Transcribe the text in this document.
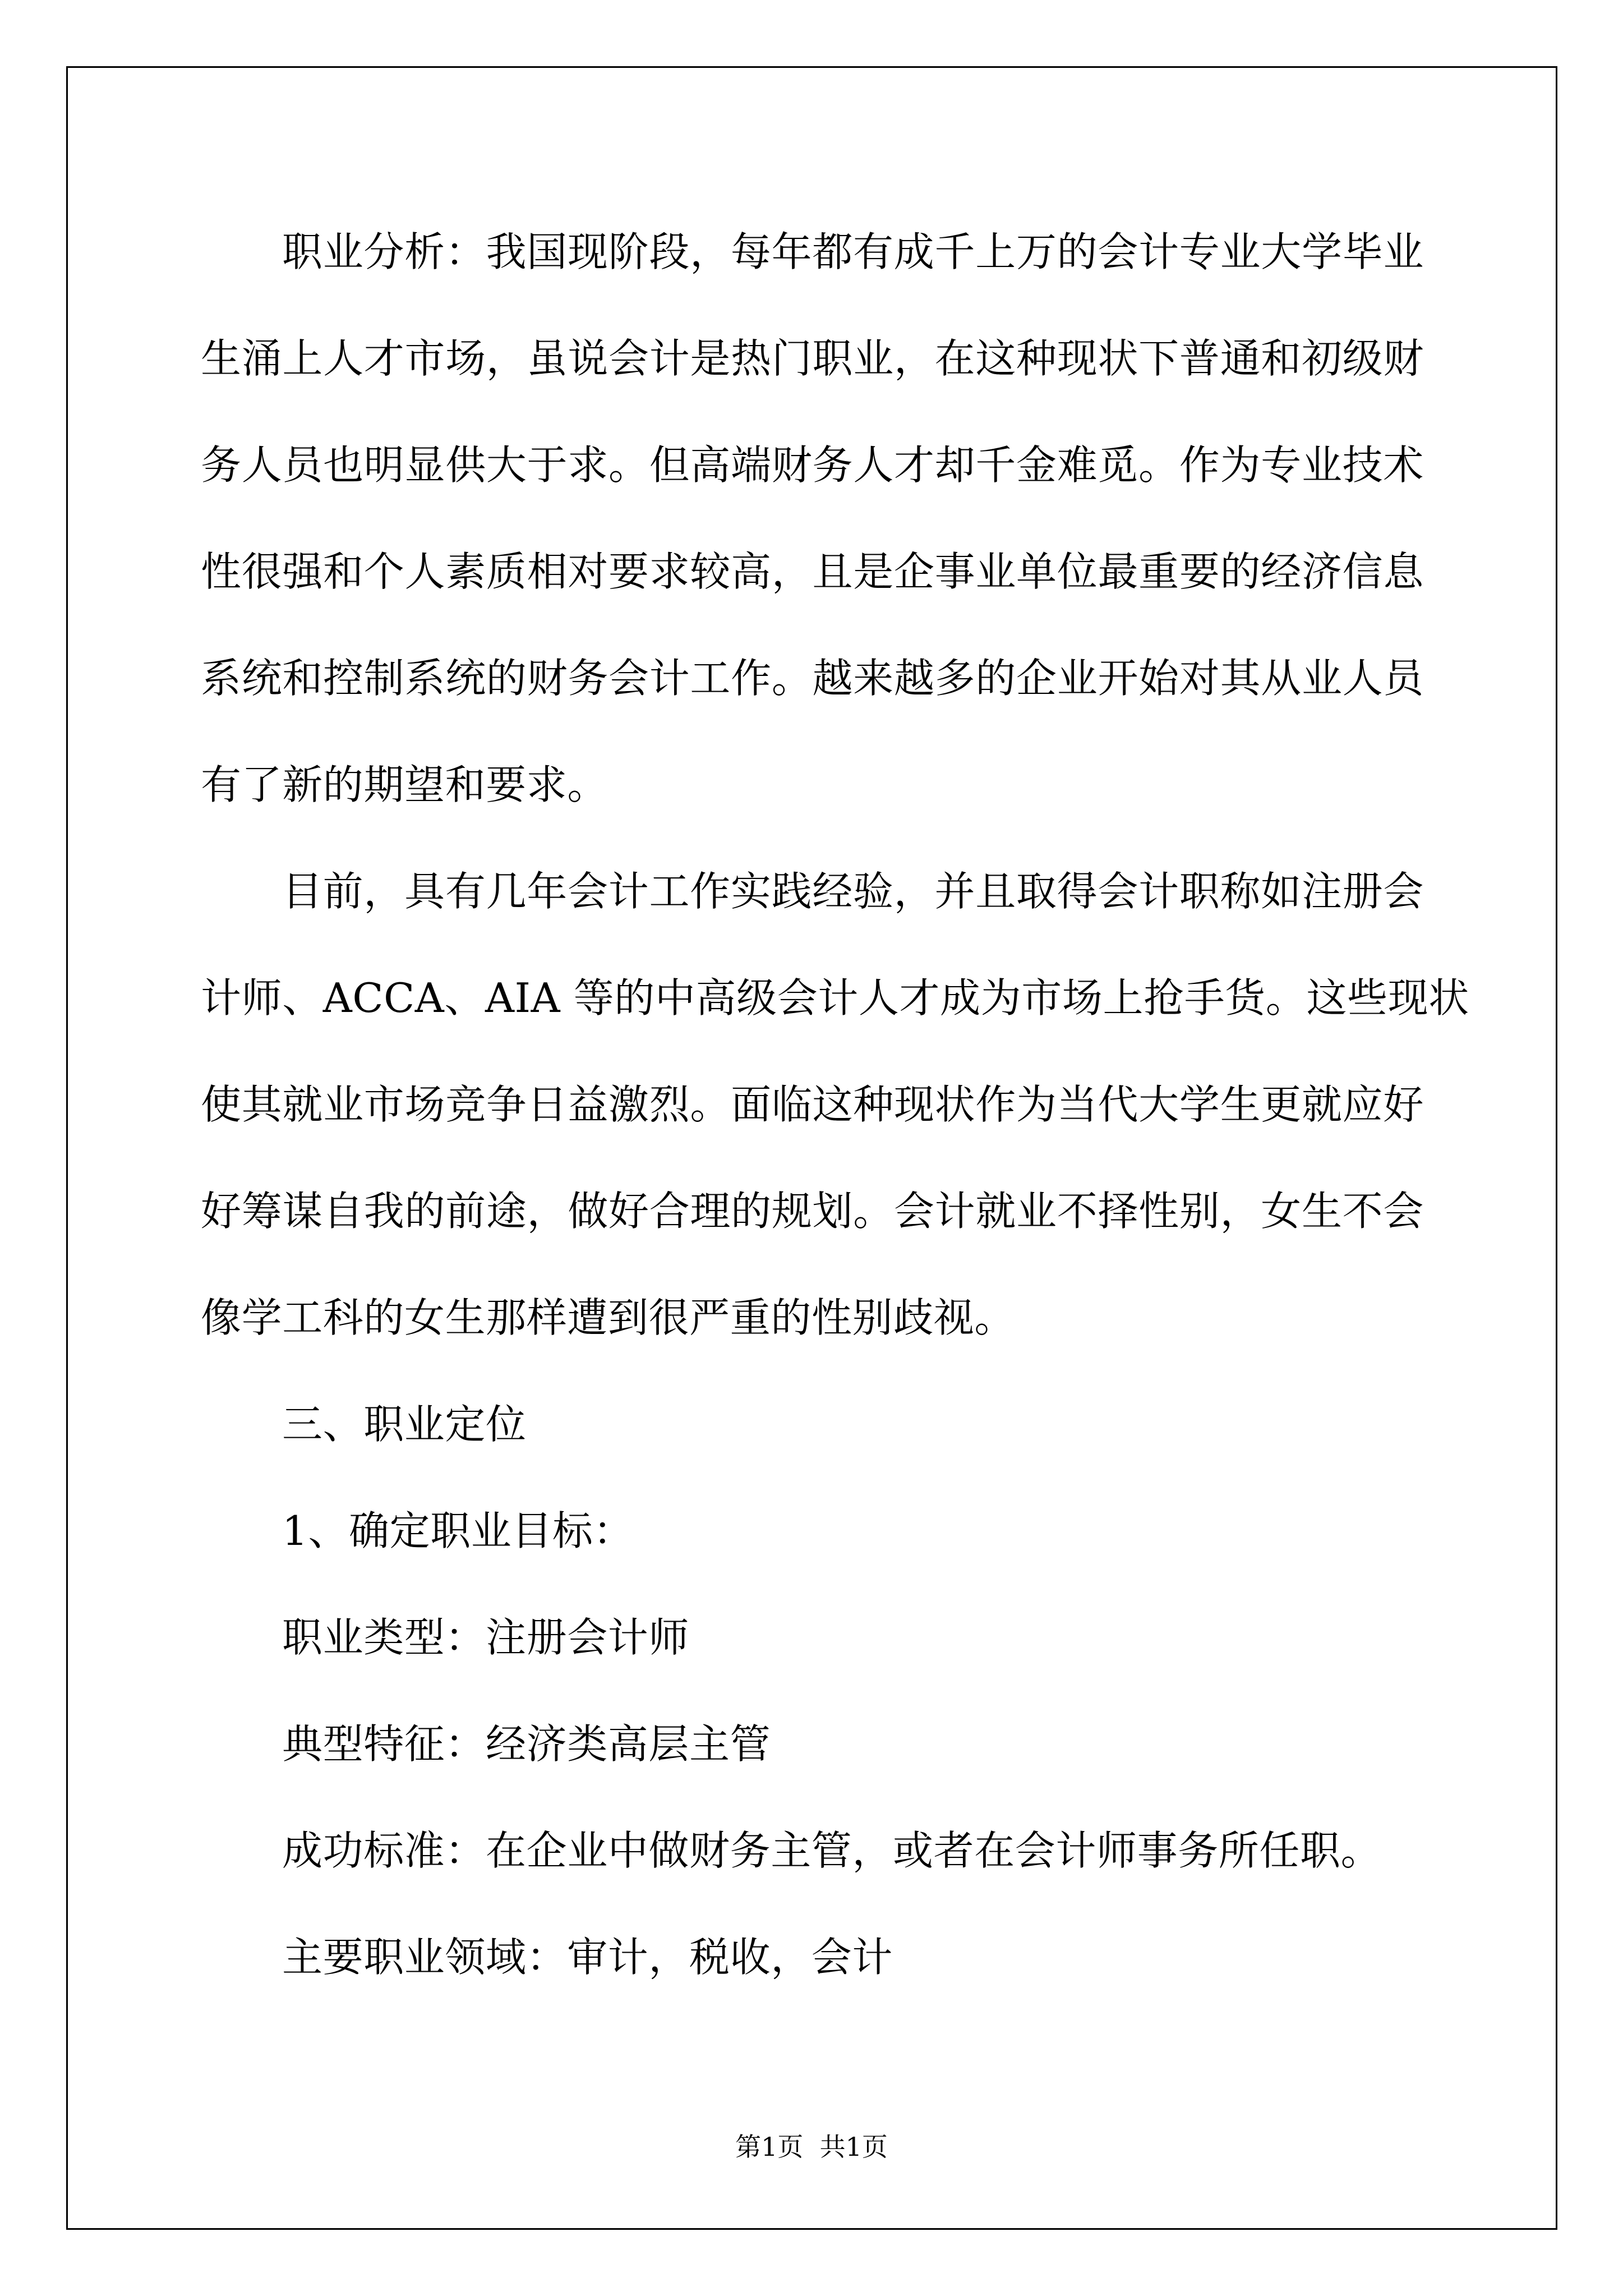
职业分析：我国现阶段，每年都有成千上万的会计专业大学毕业
生涌上人才市场，虽说会计是热门职业，在这种现状下普通和初级财
务人员也明显供大于求。但高端财务人才却千金难觅。作为专业技术
性很强和个人素质相对要求较高，且是企事业单位最重要的经济信息
系统和控制系统的财务会计工作。越来越多的企业开始对其从业人员
有了新的期望和要求。
目前，具有几年会计工作实践经验，并且取得会计职称如注册会
计师、ACCA、AIA 等的中高级会计人才成为市场上抢手货。这些现状
使其就业市场竞争日益激烈。面临这种现状作为当代大学生更就应好
好筹谋自我的前途，做好合理的规划。会计就业不择性别，女生不会
像学工科的女生那样遭到很严重的性别歧视。
三、职业定位
1、确定职业目标：
职业类型：注册会计师
典型特征：经济类高层主管
成功标准：在企业中做财务主管，或者在会计师事务所任职。
主要职业领域：审计，税收，会计
第1页  共1页
